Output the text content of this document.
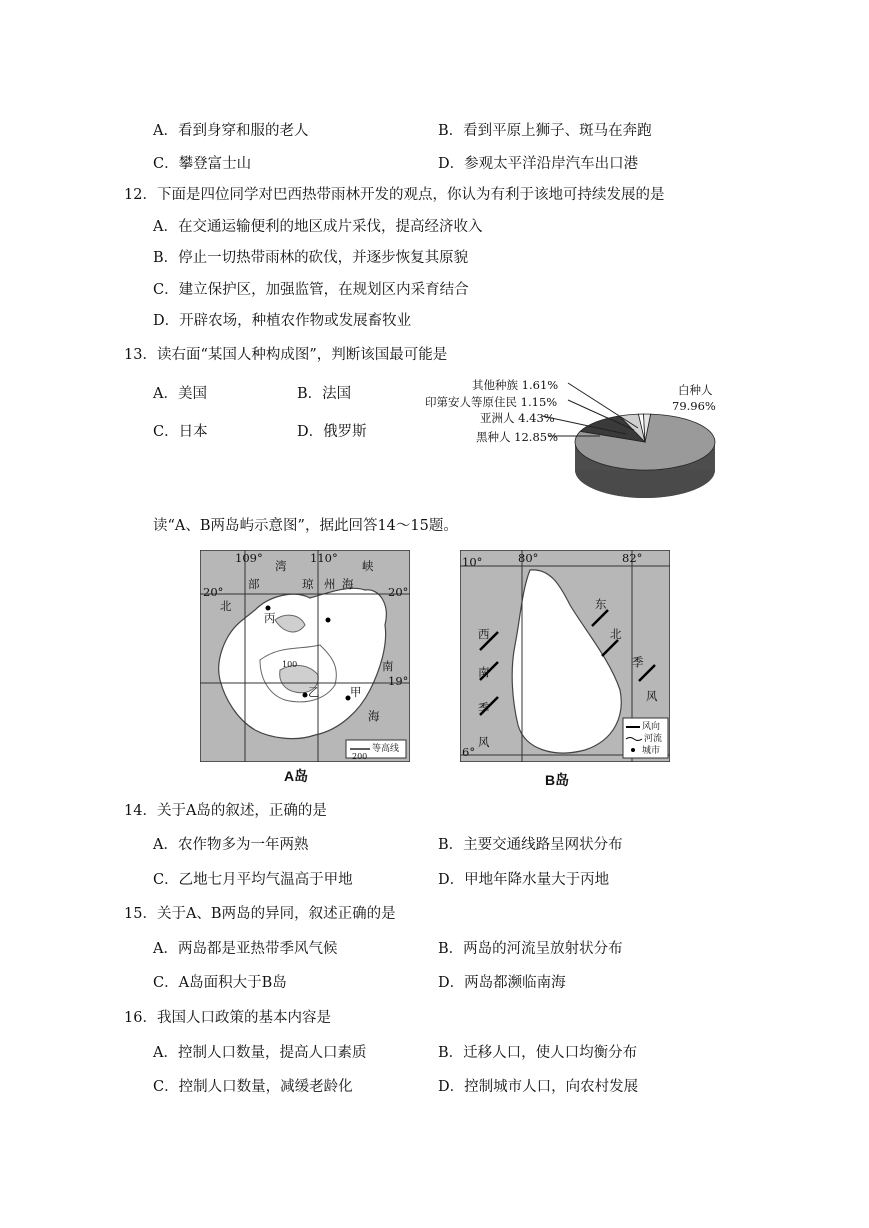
A．看到身穿和服的老人	B．看到平原上狮子、斑马在奔跑
C．攀登富士山	D．参观太平洋沿岸汽车出口港
12．下面是四位同学对巴西热带雨林开发的观点，你认为有利于该地可持续发展的是
A．在交通运输便利的地区成片采伐，提高经济收入
B．停止一切热带雨林的砍伐，并逐步恢复其原貌
C．建立保护区，加强监管，在规划区内采育结合
D．开辟农场，种植农作物或发展畜牧业
13．读右面“某国人种构成图”，判断该国最可能是
A．美国	B．法国
C．日本	D．俄罗斯
其他种族 1.61%
印第安人等原住民 1.15%
亚洲人 4.43%
黑种人 12.85%
白种人
79.96%
读“A、B两岛屿示意图”，据此回答14～15题。
109°	110°
20°	20°
19°
湾
部
北
琼 州 海
峡
南
海
丙
乙	甲
等高线
200
100
A岛
10°
6°
80°	82°
西
南
季
风
东
北
季
风
风向
河流
城市
B岛
14．关于A岛的叙述，正确的是
A．农作物多为一年两熟	B．主要交通线路呈网状分布
C．乙地七月平均气温高于甲地	D．甲地年降水量大于丙地
15．关于A、B两岛的异同，叙述正确的是
A．两岛都是亚热带季风气候	B．两岛的河流呈放射状分布
C．A岛面积大于B岛	D．两岛都濒临南海
16．我国人口政策的基本内容是
A．控制人口数量，提高人口素质	B．迁移人口，使人口均衡分布
C．控制人口数量，减缓老龄化	D．控制城市人口，向农村发展
